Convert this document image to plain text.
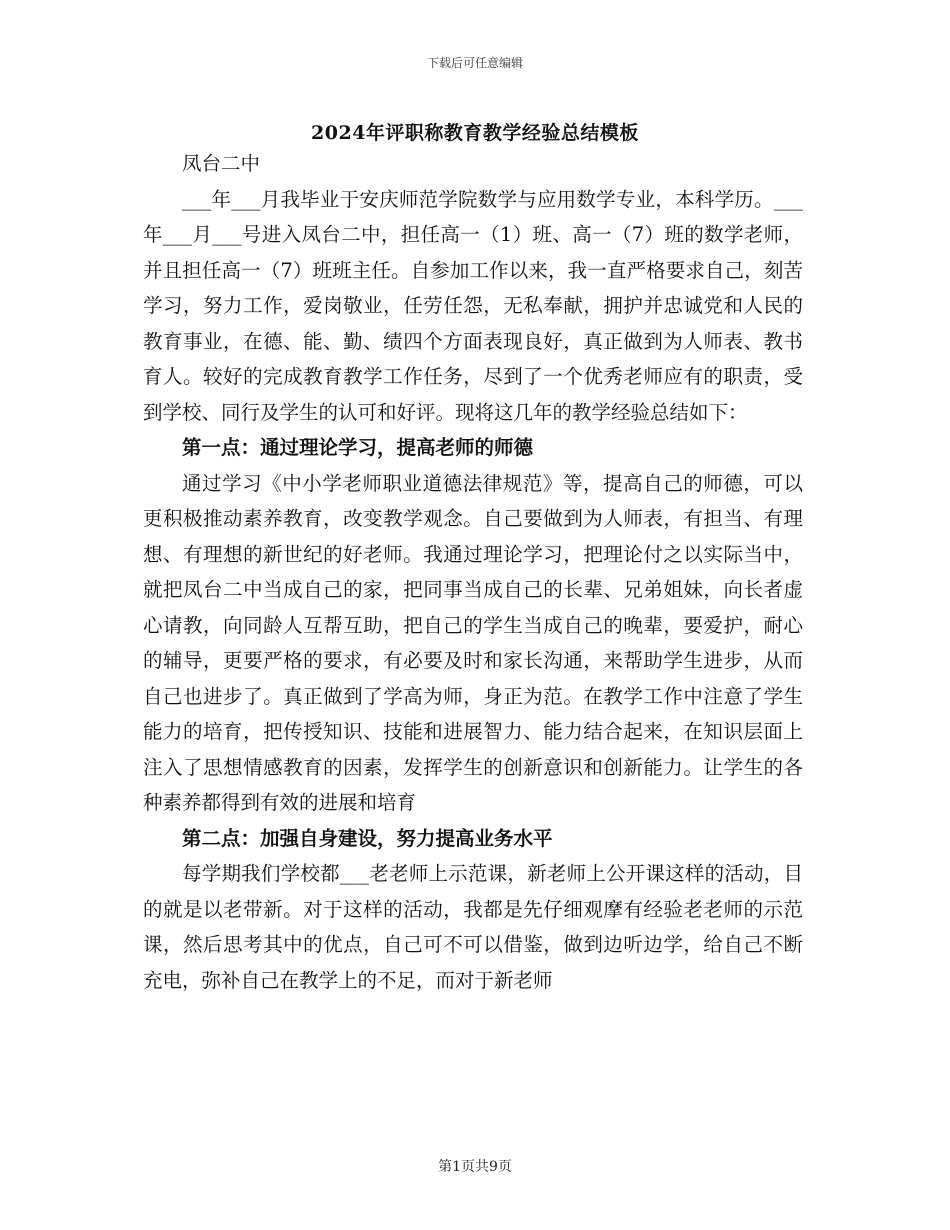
下载后可任意编辑
2024年评职称教育教学经验总结模板

凤台二中

___年___月我毕业于安庆师范学院数学与应用数学专业，本科学历。___年___月___号进入凤台二中，担任高一（1）班、高一（7）班的数学老师，并且担任高一（7）班班主任。自参加工作以来，我一直严格要求自己，刻苦学习，努力工作，爱岗敬业，任劳任怨，无私奉献，拥护并忠诚党和人民的教育事业，在德、能、勤、绩四个方面表现良好，真正做到为人师表、教书育人。较好的完成教育教学工作任务，尽到了一个优秀老师应有的职责，受到学校、同行及学生的认可和好评。现将这几年的教学经验总结如下：

第一点：通过理论学习，提高老师的师德

通过学习《中小学老师职业道德法律规范》等，提高自己的师德，可以更积极推动素养教育，改变教学观念。自己要做到为人师表，有担当、有理想、有理想的新世纪的好老师。我通过理论学习，把理论付之以实际当中，就把凤台二中当成自己的家，把同事当成自己的长辈、兄弟姐妹，向长者虚心请教，向同龄人互帮互助，把自己的学生当成自己的晚辈，要爱护，耐心的辅导，更要严格的要求，有必要及时和家长沟通，来帮助学生进步，从而自己也进步了。真正做到了学高为师，身正为范。在教学工作中注意了学生能力的培育，把传授知识、技能和进展智力、能力结合起来，在知识层面上注入了思想情感教育的因素，发挥学生的创新意识和创新能力。让学生的各种素养都得到有效的进展和培育

第二点：加强自身建设，努力提高业务水平

每学期我们学校都___老老师上示范课，新老师上公开课这样的活动，目的就是以老带新。对于这样的活动，我都是先仔细观摩有经验老老师的示范课，然后思考其中的优点，自己可不可以借鉴，做到边听边学，给自己不断充电，弥补自己在教学上的不足，而对于新老师

第1页共9页
